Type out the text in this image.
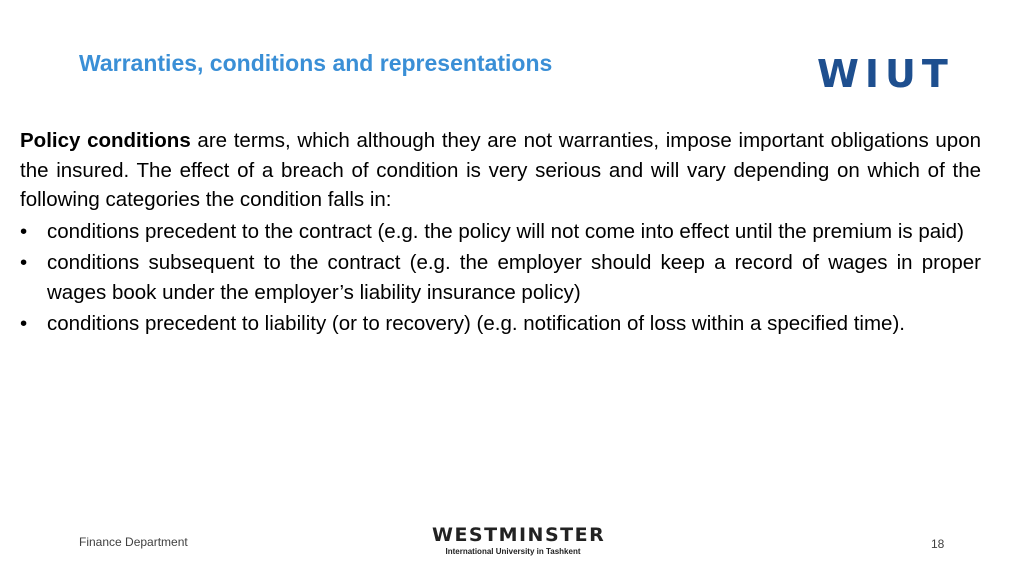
Warranties, conditions and representations	WIUT

Policy conditions are terms, which although they are not warranties, impose important obligations upon the insured. The effect of a breach of condition is very serious and will vary depending on which of the following categories the condition falls in:

• conditions precedent to the contract (e.g. the policy will not come into effect until the premium is paid)
• conditions subsequent to the contract (e.g. the employer should keep a record of wages in proper wages book under the employer’s liability insurance policy)
• conditions precedent to liability (or to recovery) (e.g. notification of loss within a specified time).
Finance Department	WESTMINSTER
International University in Tashkent
18
